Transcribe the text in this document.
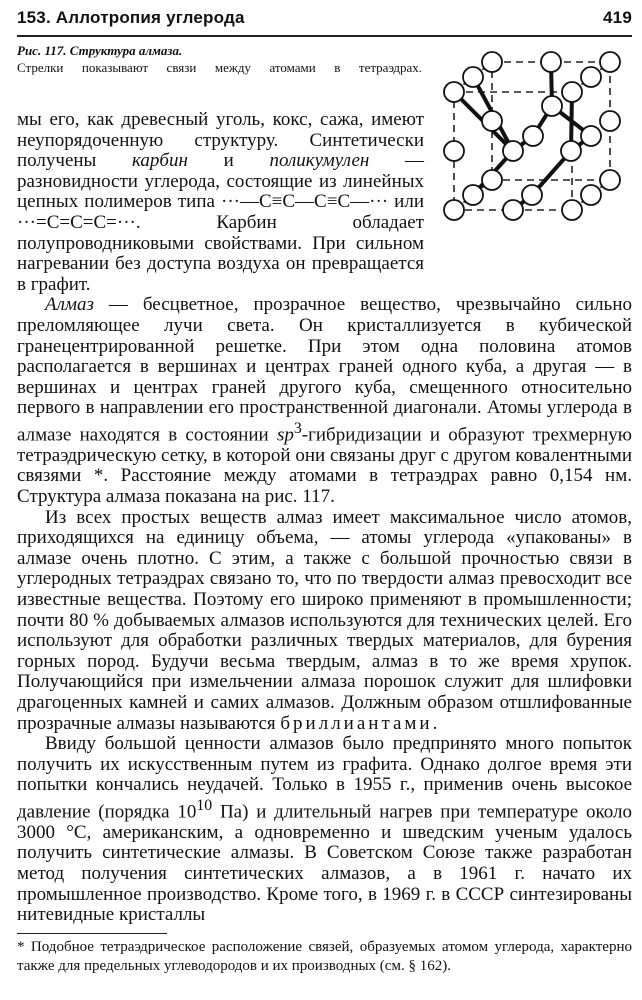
153. Аллотропия углерода	419
Рис. 117. Структура алмаза.
Стрелки показывают связи между атомами в тетраэдрах.

мы его, как древесный уголь, кокс, сажа, имеют неупорядоченную структуру. Синтетически получены карбин и поликумулен — разновидности углерода, состоящие из линейных цепных полимеров типа ···—C≡C—C≡C—··· или ···=C=C=C=···. Карбин обладает полупроводниковыми свойствами. При сильном нагревании без доступа воздуха он превращается в графит.

Алмаз — бесцветное, прозрачное вещество, чрезвычайно сильно преломляющее лучи света. Он кристаллизуется в кубической гранецентрированной решетке. При этом одна половина атомов располагается в вершинах и центрах граней одного куба, а другая — в вершинах и центрах граней другого куба, смещенного относительно первого в направлении его пространственной диагонали. Атомы углерода в алмазе находятся в состоянии $sp^3$-гибридизации и образуют трехмерную тетраэдрическую сетку, в которой они связаны друг с другом ковалентными связями *. Расстояние между атомами в тетраэдрах равно 0,154 нм. Структура алмаза показана на рис. 117.

Из всех простых веществ алмаз имеет максимальное число атомов, приходящихся на единицу объема, — атомы углерода «упакованы» в алмазе очень плотно. С этим, а также с большой прочностью связи в углеродных тетраэдрах связано то, что по твердости алмаз превосходит все известные вещества. Поэтому его широко применяют в промышленности; почти 80 % добываемых алмазов используются для технических целей. Его используют для обработки различных твердых материалов, для бурения горных пород. Будучи весьма твердым, алмаз в то же время хрупок. Получающийся при измельчении алмаза порошок служит для шлифовки драгоценных камней и самих алмазов. Должным образом отшлифованные прозрачные алмазы называются бриллиантами.

Ввиду большой ценности алмазов было предпринято много попыток получить их искусственным путем из графита. Однако долгое время эти попытки кончались неудачей. Только в 1955 г., применив очень высокое давление (порядка $10^{10}$ Па) и длительный нагрев при температуре около 3000 °C, американским, а одновременно и шведским ученым удалось получить синтетические алмазы. В Советском Союзе также разработан метод получения синтетических алмазов, а в 1961 г. начато их промышленное производство. Кроме того, в 1969 г. в СССР синтезированы нитевидные кристаллы

* Подобное тетраэдрическое расположение связей, образуемых атомом углерода, характерно также для предельных углеводородов и их производных (см. § 162).
